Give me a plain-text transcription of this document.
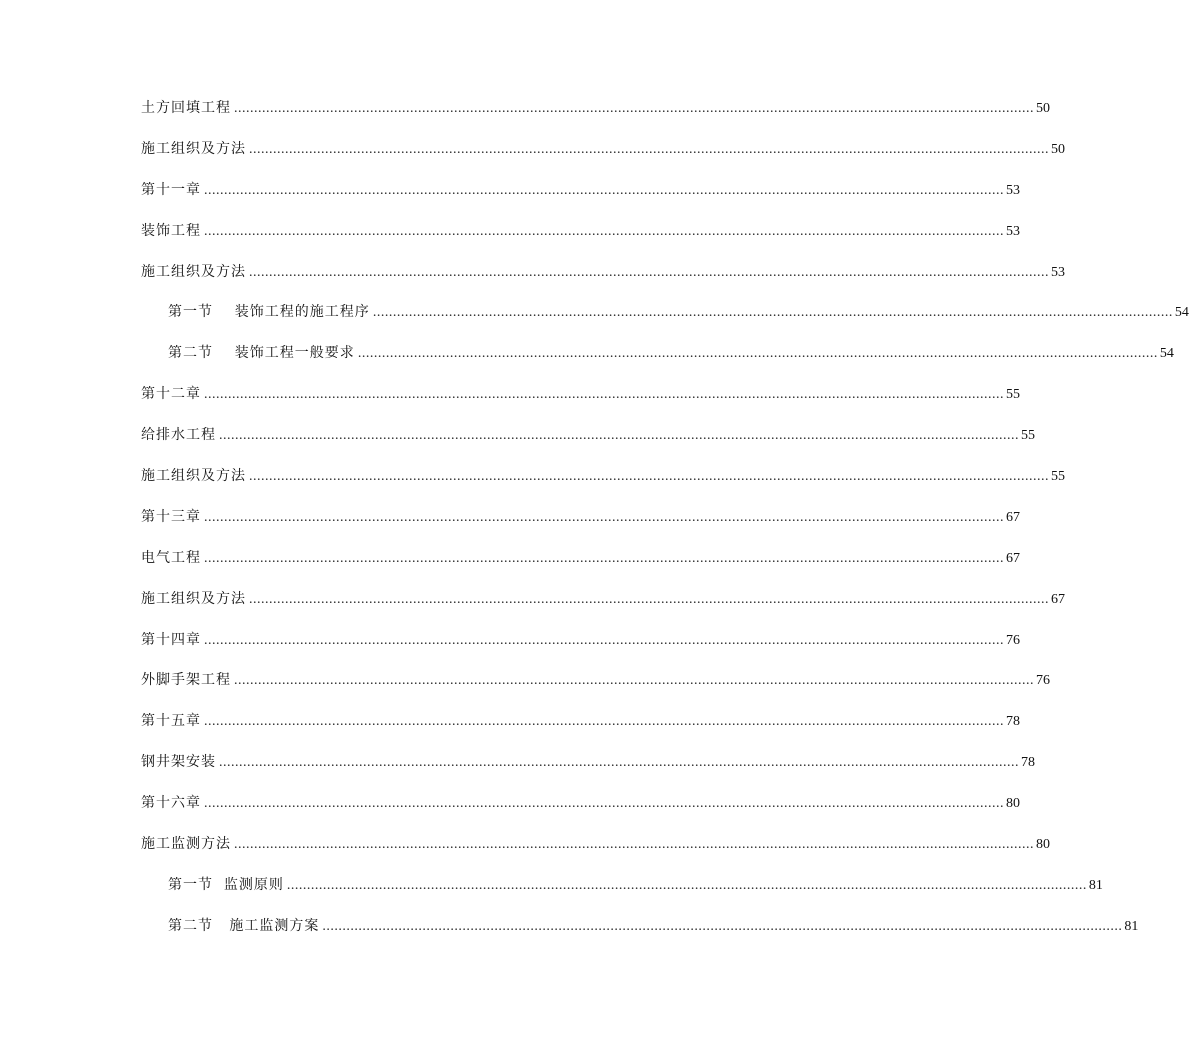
土方回填工程 ........................................................................................................................................................................................................ 50
施工组织及方法 ........................................................................................................................................................................................................ 50
第十一章 ........................................................................................................................................................................................................ 53
装饰工程 ........................................................................................................................................................................................................ 53
施工组织及方法 ........................................................................................................................................................................................................ 53
第一节    装饰工程的施工程序 ........................................................................................................................................................................................................ 54
第二节    装饰工程一般要求 ........................................................................................................................................................................................................ 54
第十二章 ........................................................................................................................................................................................................ 55
给排水工程 ........................................................................................................................................................................................................ 55
施工组织及方法 ........................................................................................................................................................................................................ 55
第十三章 ........................................................................................................................................................................................................ 67
电气工程 ........................................................................................................................................................................................................ 67
施工组织及方法 ........................................................................................................................................................................................................ 67
第十四章 ........................................................................................................................................................................................................ 76
外脚手架工程 ........................................................................................................................................................................................................ 76
第十五章 ........................................................................................................................................................................................................ 78
钢井架安装 ........................................................................................................................................................................................................ 78
第十六章 ........................................................................................................................................................................................................ 80
施工监测方法 ........................................................................................................................................................................................................ 80
第一节  监测原则 ........................................................................................................................................................................................................ 81
第二节   施工监测方案 ........................................................................................................................................................................................................ 81
